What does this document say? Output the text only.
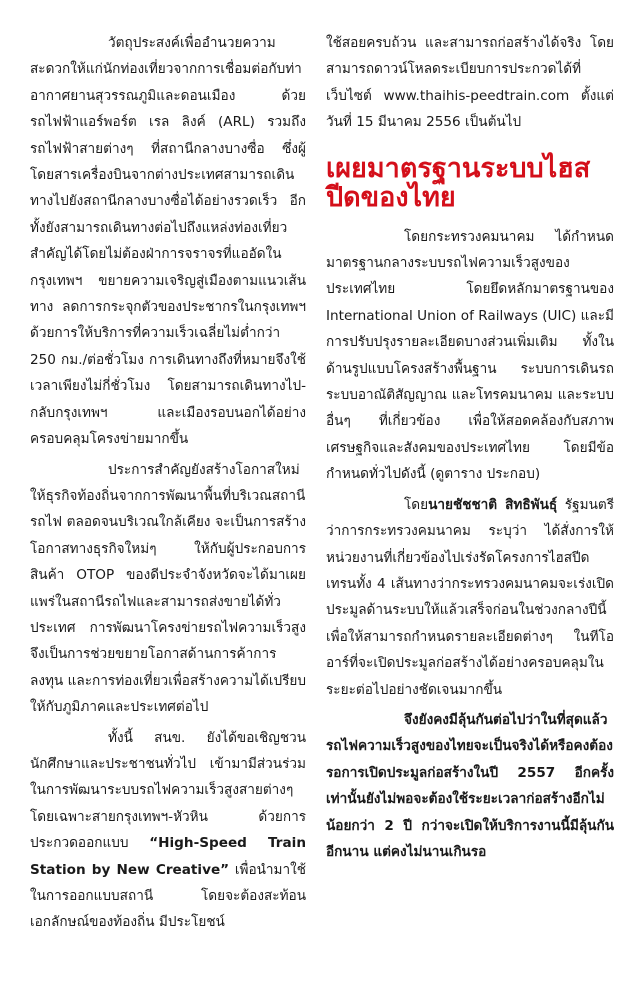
วัตถุประสงค์เพื่ออำนวยความสะดวกให้แก่นักท่องเที่ยวจากการเชื่อมต่อกับท่าอากาศยานสุวรรณภูมิและดอนเมือง ด้วยรถไฟฟ้าแอร์พอร์ต เรล ลิงค์ (ARL) รวมถึงรถไฟฟ้าสายต่างๆ ที่สถานีกลางบางซื่อ ซึ่งผู้โดยสารเครื่องบินจากต่างประเทศสามารถเดินทางไปยังสถานีกลางบางซื่อได้อย่างรวดเร็ว อีกทั้งยังสามารถเดินทางต่อไปถึงแหล่งท่องเที่ยวสำคัญได้โดยไม่ต้องฝ่าการจราจรที่แออัดในกรุงเทพฯ ขยายความเจริญสู่เมืองตามแนวเส้นทาง ลดการกระจุกตัวของประชากรในกรุงเทพฯ ด้วยการให้บริการที่ความเร็วเฉลี่ยไม่ต่ำกว่า 250 กม./ต่อชั่วโมง การเดินทางถึงที่หมายจึงใช้เวลาเพียงไม่กี่ชั่วโมง โดยสามารถเดินทางไป-กลับกรุงเทพฯ และเมืองรอบนอกได้อย่างครอบคลุมโครงข่ายมากขึ้น

ประการสำคัญยังสร้างโอกาสใหม่ให้ธุรกิจท้องถิ่นจากการพัฒนาพื้นที่บริเวณสถานีรถไฟ ตลอดจนบริเวณใกล้เคียง จะเป็นการสร้างโอกาสทางธุรกิจใหม่ๆ ให้กับผู้ประกอบการสินค้า OTOP ของดีประจำจังหวัดจะได้มาเผยแพร่ในสถานีรถไฟและสามารถส่งขายได้ทั่วประเทศ การพัฒนาโครงข่ายรถไฟความเร็วสูง จึงเป็นการช่วยขยายโอกาสด้านการค้าการลงทุน และการท่องเที่ยวเพื่อสร้างความได้เปรียบให้กับภูมิภาคและประเทศต่อไป

ทั้งนี้ สนข. ยังได้ขอเชิญชวนนักศึกษาและประชาชนทั่วไป เข้ามามีส่วนร่วมในการพัฒนาระบบรถไฟความเร็วสูงสายต่างๆ โดยเฉพาะสายกรุงเทพฯ-หัวหิน ด้วยการประกวดออกแบบ “High-Speed Train Station by New Creative” เพื่อนำมาใช้ในการออกแบบสถานี โดยจะต้องสะท้อนเอกลักษณ์ของท้องถิ่น มีประโยชน์

ใช้สอยครบถ้วน และสามารถก่อสร้างได้จริง โดยสามารถดาวน์โหลดระเบียบการประกวดได้ที่เว็บไซต์ www.thaihis-peedtrain.com ตั้งแต่วันที่ 15 มีนาคม 2556 เป็นต้นไป

เผยมาตรฐานระบบไฮสปีดของไทย

โดยกระทรวงคมนาคม ได้กำหนดมาตรฐานกลางระบบรถไฟความเร็วสูงของประเทศไทย โดยยึดหลักมาตรฐานของ International Union of Railways (UIC) และมีการปรับปรุงรายละเอียดบางส่วนเพิ่มเติม ทั้งในด้านรูปแบบโครงสร้างพื้นฐาน ระบบการเดินรถ ระบบอาณัติสัญญาณ และโทรคมนาคม และระบบอื่นๆ ที่เกี่ยวข้อง เพื่อให้สอดคล้องกับสภาพเศรษฐกิจและสังคมของประเทศไทย โดยมีข้อกำหนดทั่วไปดังนี้ (ดูตาราง ประกอบ)

โดยนายชัชชาติ สิทธิพันธุ์ รัฐมนตรีว่าการกระทรวงคมนาคม ระบุว่า ได้สั่งการให้หน่วยงานที่เกี่ยวข้องไปเร่งรัดโครงการไฮสปีดเทรนทั้ง 4 เส้นทางว่ากระทรวงคมนาคมจะเร่งเปิดประมูลด้านระบบให้แล้วเสร็จก่อนในช่วงกลางปีนี้เพื่อให้สามารถกำหนดรายละเอียดต่างๆ ในทีโออาร์ที่จะเปิดประมูลก่อสร้างได้อย่างครอบคลุมในระยะต่อไปอย่างชัดเจนมากขึ้น

จึงยังคงมีลุ้นกันต่อไปว่าในที่สุดแล้วรถไฟความเร็วสูงของไทยจะเป็นจริงได้หรือคงต้องรอการเปิดประมูลก่อสร้างในปี 2557 อีกครั้ง เท่านั้นยังไม่พอจะต้องใช้ระยะเวลาก่อสร้างอีกไม่น้อยกว่า 2 ปี กว่าจะเปิดให้บริการงานนี้มีลุ้นกันอีกนาน แต่คงไม่นานเกินรอ
